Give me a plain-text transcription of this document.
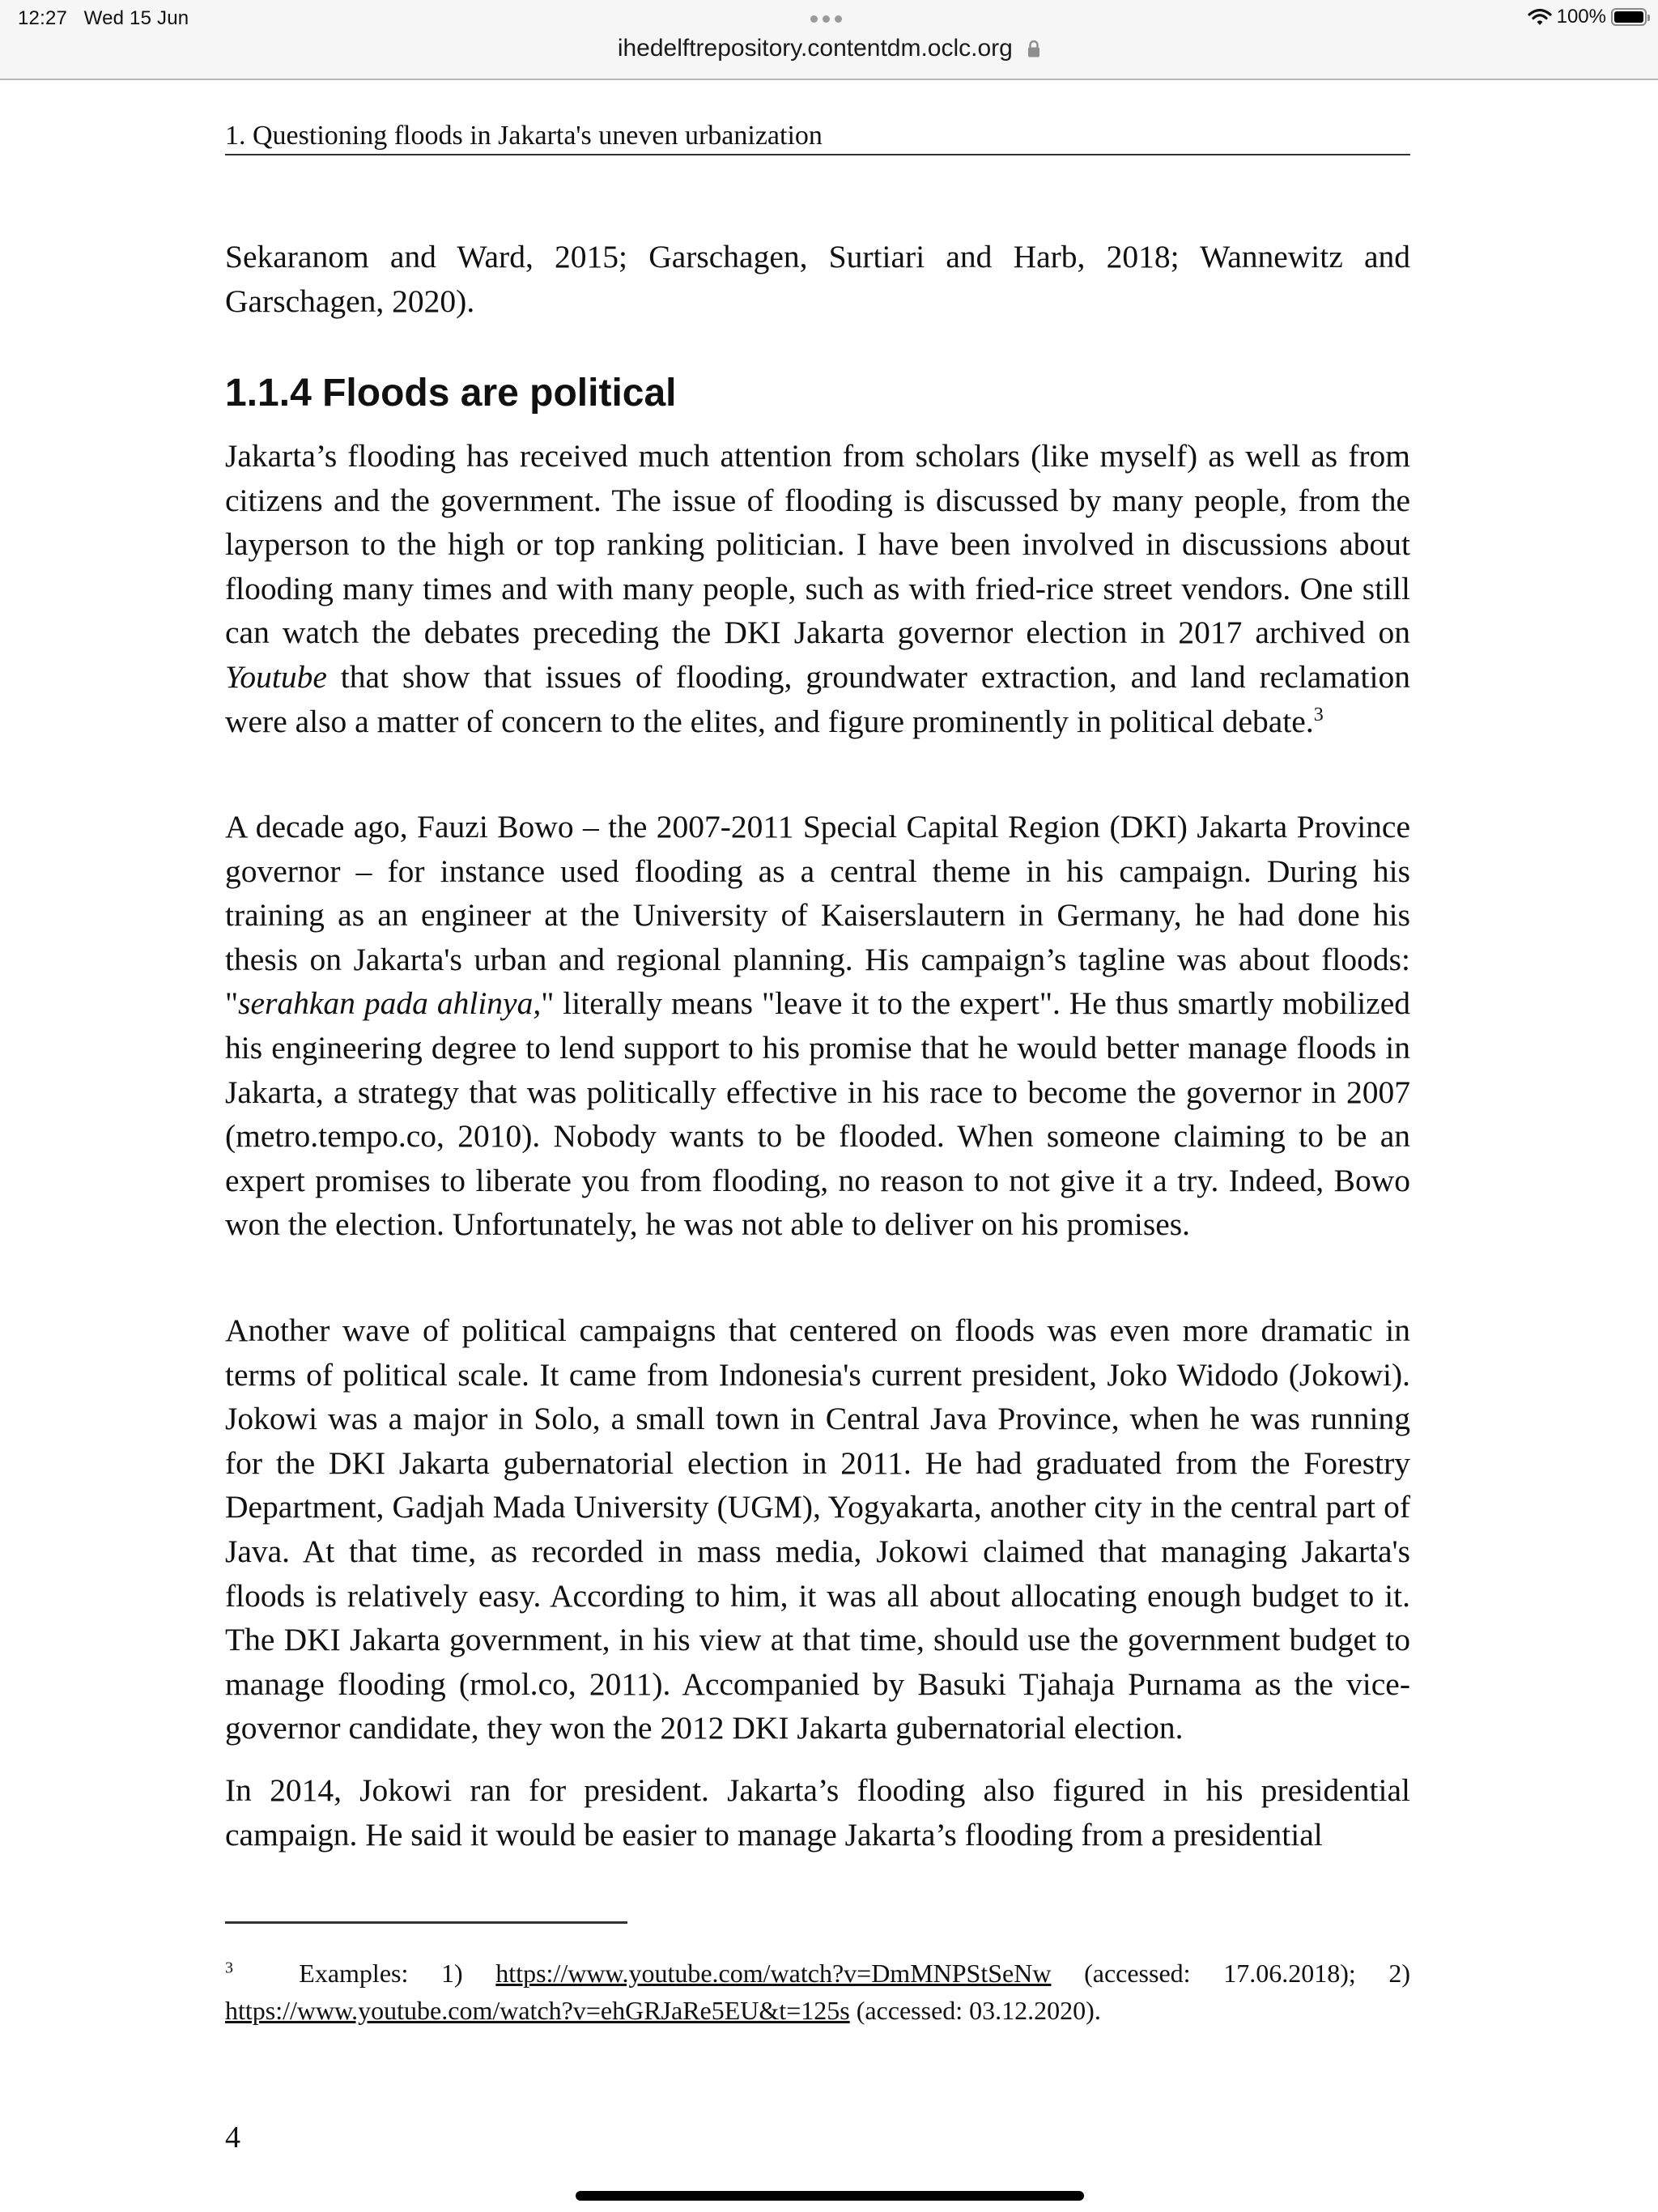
12:27 Wed 15 Jun	100%
ihedelftrepository.contentdm.oclc.org
1. Questioning floods in Jakarta's uneven urbanization

Sekaranom and Ward, 2015; Garschagen, Surtiari and Harb, 2018; Wannewitz and Garschagen, 2020).

1.1.4 Floods are political

Jakarta’s flooding has received much attention from scholars (like myself) as well as from citizens and the government. The issue of flooding is discussed by many people, from the layperson to the high or top ranking politician. I have been involved in discussions about flooding many times and with many people, such as with fried-rice street vendors. One still can watch the debates preceding the DKI Jakarta governor election in 2017 archived on Youtube that show that issues of flooding, groundwater extraction, and land reclamation were also a matter of concern to the elites, and figure prominently in political debate.$^3$

A decade ago, Fauzi Bowo – the 2007-2011 Special Capital Region (DKI) Jakarta Province governor – for instance used flooding as a central theme in his campaign. During his training as an engineer at the University of Kaiserslautern in Germany, he had done his thesis on Jakarta's urban and regional planning. His campaign’s tagline was about floods: "serahkan pada ahlinya," literally means "leave it to the expert". He thus smartly mobilized his engineering degree to lend support to his promise that he would better manage floods in Jakarta, a strategy that was politically effective in his race to become the governor in 2007 (metro.tempo.co, 2010). Nobody wants to be flooded. When someone claiming to be an expert promises to liberate you from flooding, no reason to not give it a try. Indeed, Bowo won the election. Unfortunately, he was not able to deliver on his promises.

Another wave of political campaigns that centered on floods was even more dramatic in terms of political scale. It came from Indonesia's current president, Joko Widodo (Jokowi). Jokowi was a major in Solo, a small town in Central Java Province, when he was running for the DKI Jakarta gubernatorial election in 2011. He had graduated from the Forestry Department, Gadjah Mada University (UGM), Yogyakarta, another city in the central part of Java. At that time, as recorded in mass media, Jokowi claimed that managing Jakarta's floods is relatively easy. According to him, it was all about allocating enough budget to it. The DKI Jakarta government, in his view at that time, should use the government budget to manage flooding (rmol.co, 2011). Accompanied by Basuki Tjahaja Purnama as the vice-governor candidate, they won the 2012 DKI Jakarta gubernatorial election.

In 2014, Jokowi ran for president. Jakarta’s flooding also figured in his presidential campaign. He said it would be easier to manage Jakarta’s flooding from a presidential

$^3$	Examples: 1) https://www.youtube.com/watch?v=DmMNPStSeNw (accessed: 17.06.2018); 2) https://www.youtube.com/watch?v=ehGRJaRe5EU&t=125s (accessed: 03.12.2020).
4
